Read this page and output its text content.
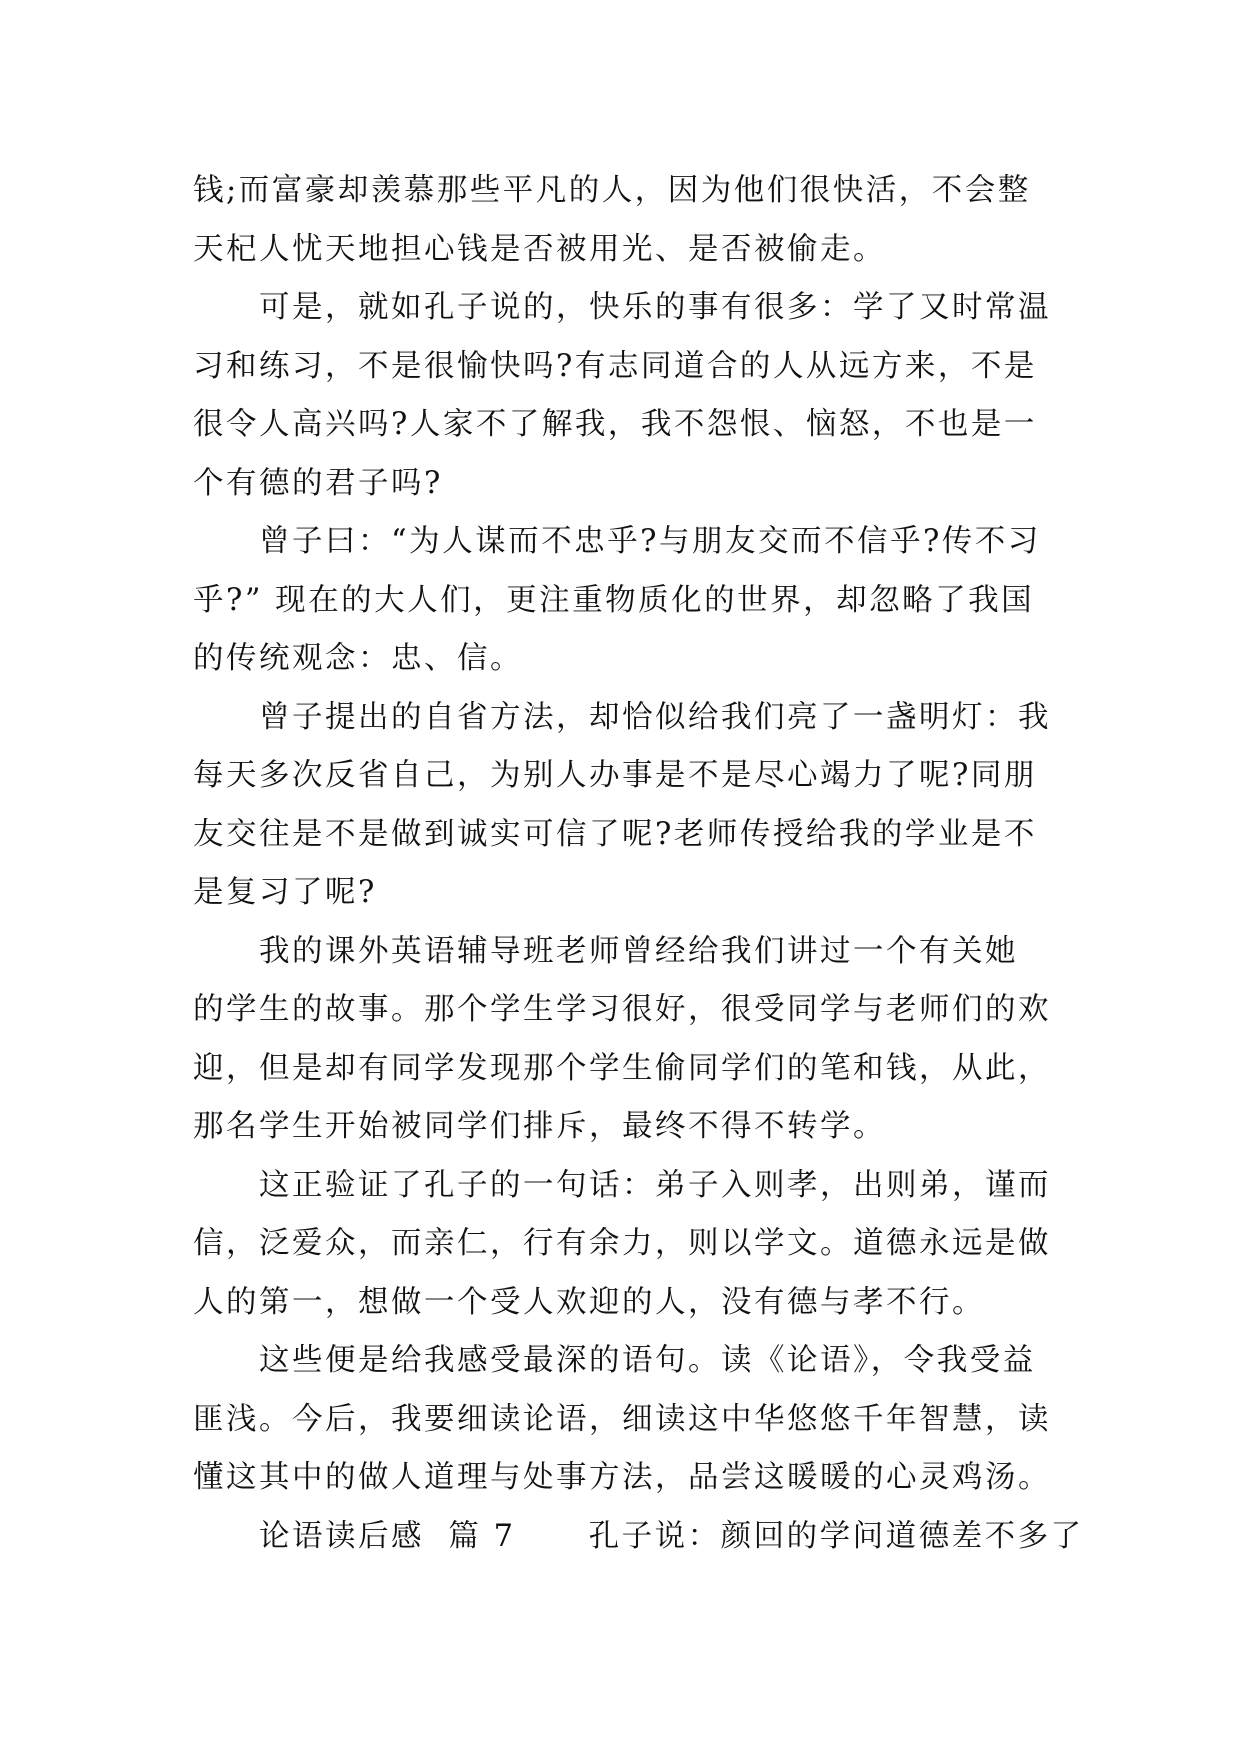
钱;而富豪却羡慕那些平凡的人，因为他们很快活，不会整
天杞人忧天地担心钱是否被用光、是否被偷走。
可是，就如孔子说的，快乐的事有很多：学了又时常温
习和练习，不是很愉快吗?有志同道合的人从远方来，不是
很令人高兴吗?人家不了解我，我不怨恨、恼怒，不也是一
个有德的君子吗?
曾子曰：“为人谋而不忠乎?与朋友交而不信乎?传不习
乎?” 现在的大人们，更注重物质化的世界，却忽略了我国
的传统观念：忠、信。
曾子提出的自省方法，却恰似给我们亮了一盏明灯：我
每天多次反省自己，为别人办事是不是尽心竭力了呢?同朋
友交往是不是做到诚实可信了呢?老师传授给我的学业是不
是复习了呢?
我的课外英语辅导班老师曾经给我们讲过一个有关她
的学生的故事。那个学生学习很好，很受同学与老师们的欢
迎，但是却有同学发现那个学生偷同学们的笔和钱，从此，
那名学生开始被同学们排斥，最终不得不转学。
这正验证了孔子的一句话：弟子入则孝，出则弟，谨而
信，泛爱众，而亲仁，行有余力，则以学文。道德永远是做
人的第一，想做一个受人欢迎的人，没有德与孝不行。
这些便是给我感受最深的语句。读《论语》，令我受益
匪浅。今后，我要细读论语，细读这中华悠悠千年智慧，读
懂这其中的做人道理与处事方法，品尝这暖暖的心灵鸡汤。
论语读后感  篇 7      孔子说：颜回的学问道德差不多了
